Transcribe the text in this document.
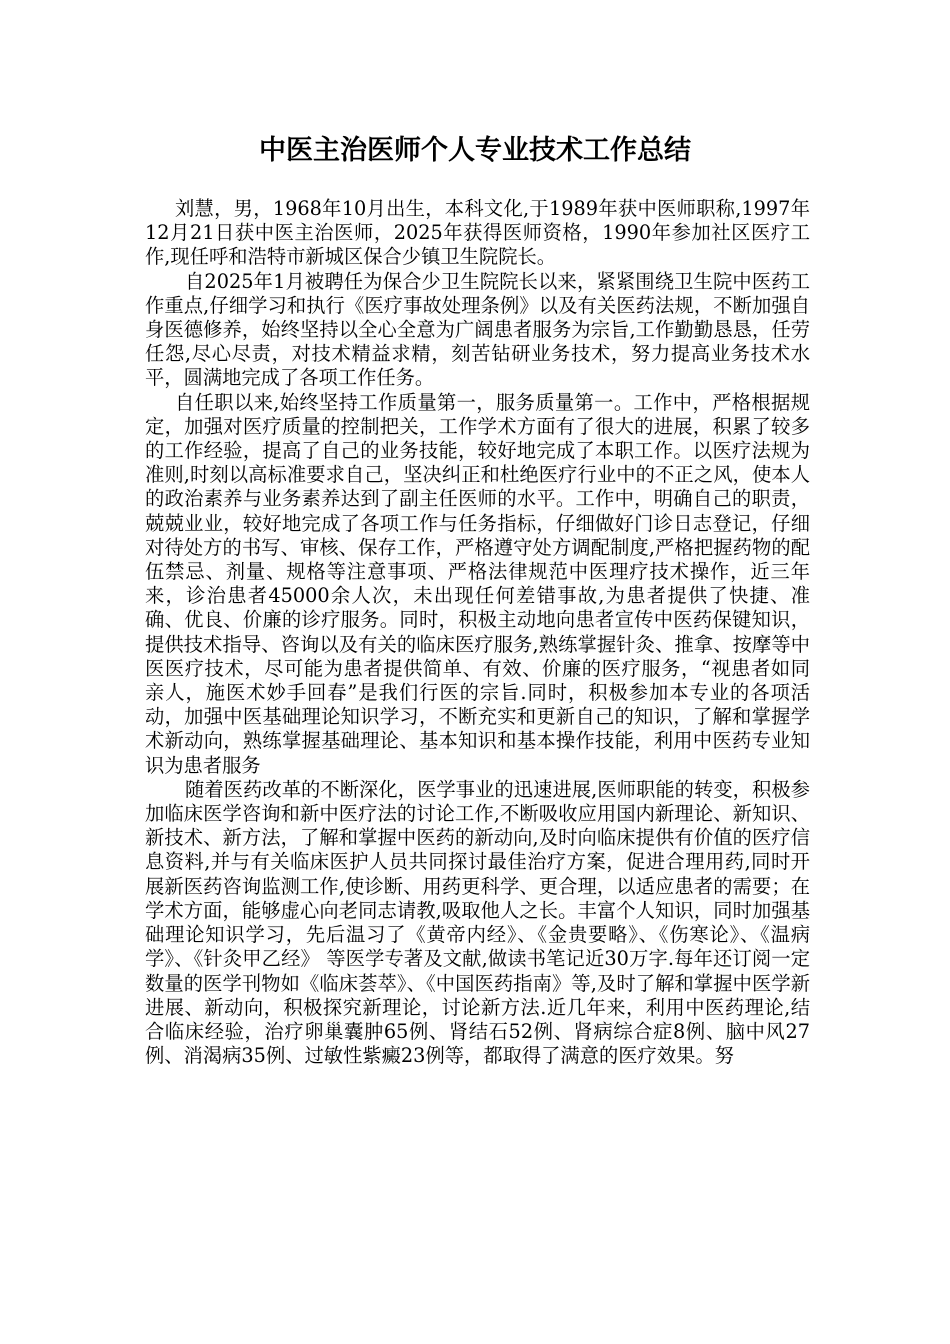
中医主治医师个人专业技术工作总结

刘慧，男，1968年10月出生，本科文化,于1989年获中医师职称,1997年12月21日获中医主治医师，2025年获得医师资格，1990年参加社区医疗工作,现任呼和浩特市新城区保合少镇卫生院院长。

自2025年1月被聘任为保合少卫生院院长以来，紧紧围绕卫生院中医药工作重点,仔细学习和执行《医疗事故处理条例》以及有关医药法规，不断加强自身医德修养，始终坚持以全心全意为广阔患者服务为宗旨,工作勤勤恳恳，任劳任怨,尽心尽责，对技术精益求精，刻苦钻研业务技术，努力提高业务技术水平，圆满地完成了各项工作任务。

自任职以来,始终坚持工作质量第一，服务质量第一。工作中，严格根据规定，加强对医疗质量的控制把关，工作学术方面有了很大的进展，积累了较多的工作经验，提高了自己的业务技能，较好地完成了本职工作。以医疗法规为准则,时刻以高标准要求自己，坚决纠正和杜绝医疗行业中的不正之风，使本人的政治素养与业务素养达到了副主任医师的水平。工作中，明确自己的职责，兢兢业业，较好地完成了各项工作与任务指标，仔细做好门诊日志登记，仔细对待处方的书写、审核、保存工作，严格遵守处方调配制度,严格把握药物的配伍禁忌、剂量、规格等注意事项、严格法律规范中医理疗技术操作，近三年来，诊治患者45000余人次，未出现任何差错事故,为患者提供了快捷、准确、优良、价廉的诊疗服务。同时，积极主动地向患者宣传中医药保键知识，提供技术指导、咨询以及有关的临床医疗服务,熟练掌握针灸、推拿、按摩等中医医疗技术，尽可能为患者提供简单、有效、价廉的医疗服务，“视患者如同亲人，施医术妙手回春”是我们行医的宗旨.同时，积极参加本专业的各项活动，加强中医基础理论知识学习，不断充实和更新自己的知识，了解和掌握学术新动向，熟练掌握基础理论、基本知识和基本操作技能，利用中医药专业知识为患者服务

随着医药改革的不断深化，医学事业的迅速进展,医师职能的转变，积极参加临床医学咨询和新中医疗法的讨论工作,不断吸收应用国内新理论、新知识、新技术、新方法，了解和掌握中医药的新动向,及时向临床提供有价值的医疗信息资料,并与有关临床医护人员共同探讨最佳治疗方案，促进合理用药,同时开展新医药咨询监测工作,使诊断、用药更科学、更合理，以适应患者的需要；在学术方面，能够虚心向老同志请教,吸取他人之长。丰富个人知识，同时加强基础理论知识学习，先后温习了《黄帝内经》、《金贵要略》、《伤寒论》、《温病学》、《针灸甲乙经》 等医学专著及文献,做读书笔记近30万字.每年还订阅一定数量的医学刊物如《临床荟萃》、《中国医药指南》等,及时了解和掌握中医学新进展、新动向，积极探究新理论，讨论新方法.近几年来，利用中医药理论,结合临床经验，治疗卵巢囊肿65例、肾结石52例、肾病综合症8例、脑中风27例、消渴病35例、过敏性紫癜23例等，都取得了满意的医疗效果。努
